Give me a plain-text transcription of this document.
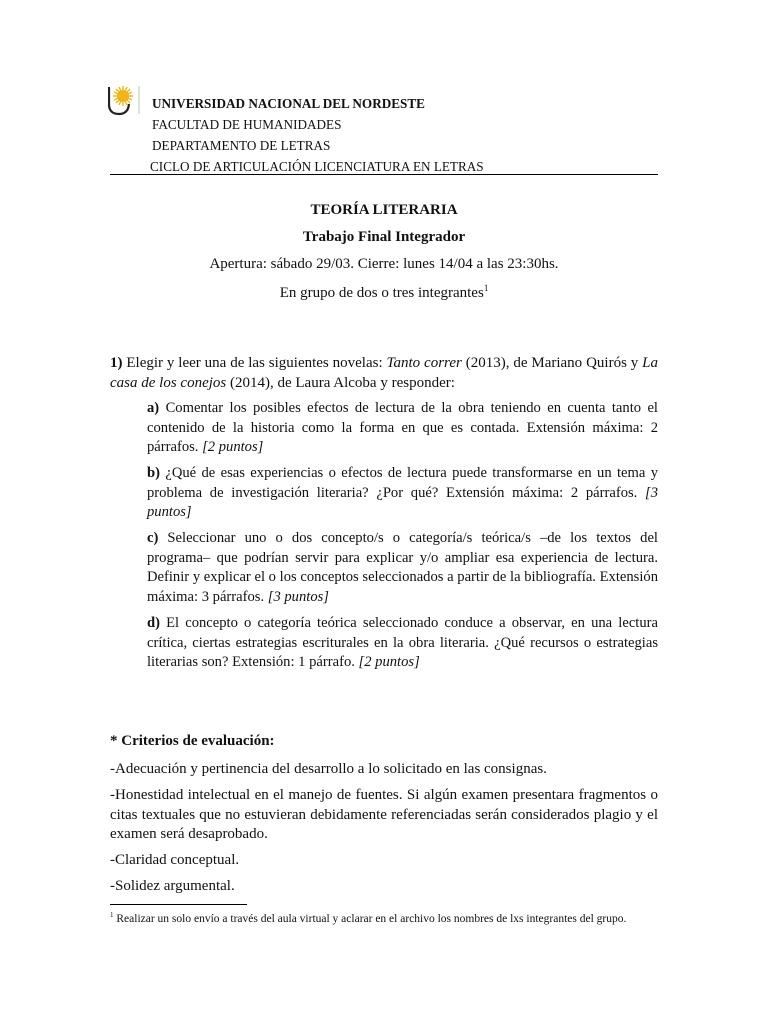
UNIVERSIDAD NACIONAL DEL NORDESTE
FACULTAD DE HUMANIDADES
DEPARTAMENTO DE LETRAS
CICLO DE ARTICULACIÓN LICENCIATURA EN LETRAS
TEORÍA LITERARIA
Trabajo Final Integrador
Apertura: sábado 29/03. Cierre: lunes 14/04 a las 23:30hs.
En grupo de dos o tres integrantes$^1$
1) Elegir y leer una de las siguientes novelas: Tanto correr (2013), de Mariano Quirós y La casa de los conejos (2014), de Laura Alcoba y responder:
a) Comentar los posibles efectos de lectura de la obra teniendo en cuenta tanto el contenido de la historia como la forma en que es contada. Extensión máxima: 2 párrafos. [2 puntos]
b) ¿Qué de esas experiencias o efectos de lectura puede transformarse en un tema y problema de investigación literaria? ¿Por qué? Extensión máxima: 2 párrafos. [3 puntos]
c) Seleccionar uno o dos concepto/s o categoría/s teórica/s –de los textos del programa– que podrían servir para explicar y/o ampliar esa experiencia de lectura. Definir y explicar el o los conceptos seleccionados a partir de la bibliografía. Extensión máxima: 3 párrafos. [3 puntos]
d) El concepto o categoría teórica seleccionado conduce a observar, en una lectura crítica, ciertas estrategias escriturales en la obra literaria. ¿Qué recursos o estrategias literarias son? Extensión: 1 párrafo. [2 puntos]
* Criterios de evaluación:
-Adecuación y pertinencia del desarrollo a lo solicitado en las consignas.
-Honestidad intelectual en el manejo de fuentes. Si algún examen presentara fragmentos o citas textuales que no estuvieran debidamente referenciadas serán considerados plagio y el examen será desaprobado.
-Claridad conceptual.
-Solidez argumental.
$^1$ Realizar un solo envío a través del aula virtual y aclarar en el archivo los nombres de lxs integrantes del grupo.
